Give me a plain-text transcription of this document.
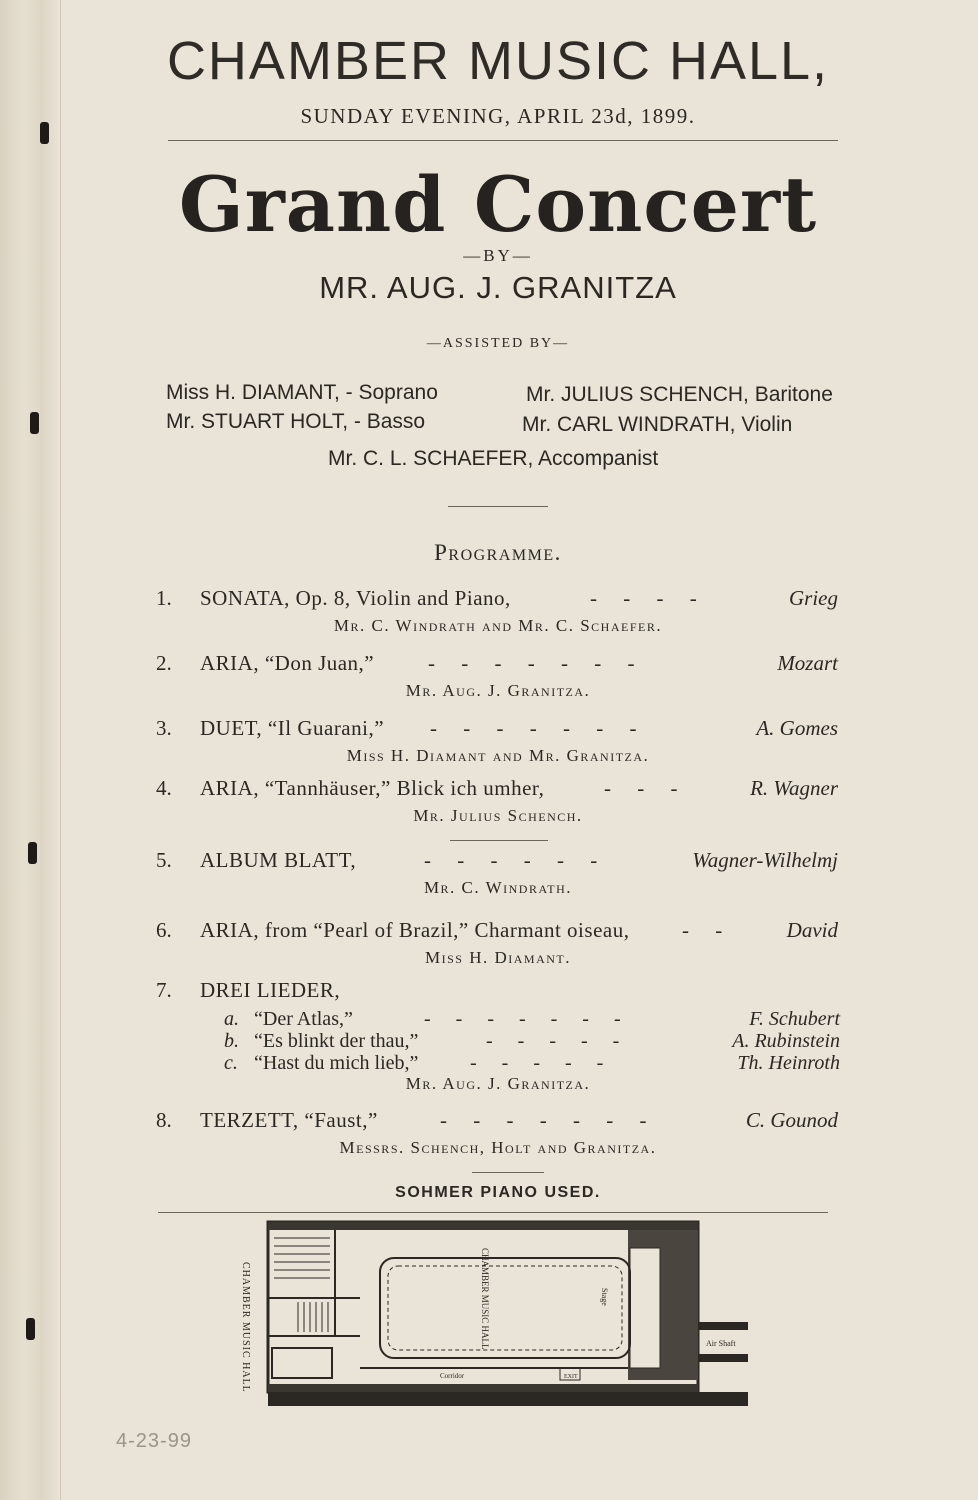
CHAMBER MUSIC HALL,
SUNDAY EVENING, APRIL 23d, 1899.
Grand Concert
—BY—
MR. AUG. J. GRANITZA
—ASSISTED BY—
Miss H. DIAMANT, - Soprano	Mr. JULIUS SCHENCH, Baritone
Mr. STUART HOLT, - Basso	Mr. CARL WINDRATH, Violin
Mr. C. L. SCHAEFER, Accompanist
Programme.
1. SONATA, Op. 8, Violin and Piano,	-     -     -     -	Grieg
Mr. C. Windrath and Mr. C. Schaefer.
2. ARIA, “Don Juan,”	-     -     -     -     -     -     -	Mozart
Mr. Aug. J. Granitza.
3. DUET, “Il Guarani,” -     -     -     -     -     -     -	A. Gomes
Miss H. Diamant and Mr. Granitza.
4. ARIA, “Tannhäuser,” Blick ich umher,	-     -     -	R. Wagner
Mr. Julius Schench.
5. ALBUM BLATT,	-     -     -     -     -     -	Wagner-Wilhelmj
Mr. C. Windrath.
6. ARIA, from “Pearl of Brazil,” Charmant oiseau,	-     -	David
Miss H. Diamant.
7. DREI LIEDER,
Mr. Aug. J. Granitza.
a. “Der Atlas,”	-     -     -     -     -     -     -	F. Schubert
b. “Es blinkt der thau,”	-     -     -     -     -	A. Rubinstein
c. “Hast du mich lieb,”	-     -     -     -     -	Th. Heinroth
8. TERZETT, “Faust,”	-     -     -     -     -     -     -	C. Gounod
Messrs. Schench, Holt and Granitza.
SOHMER PIANO USED.
CHAMBER MUSIC HALL	Corridor	EXIT
Air Shaft
CHAMBER MUSIC HALL	Stage
4-23-99
